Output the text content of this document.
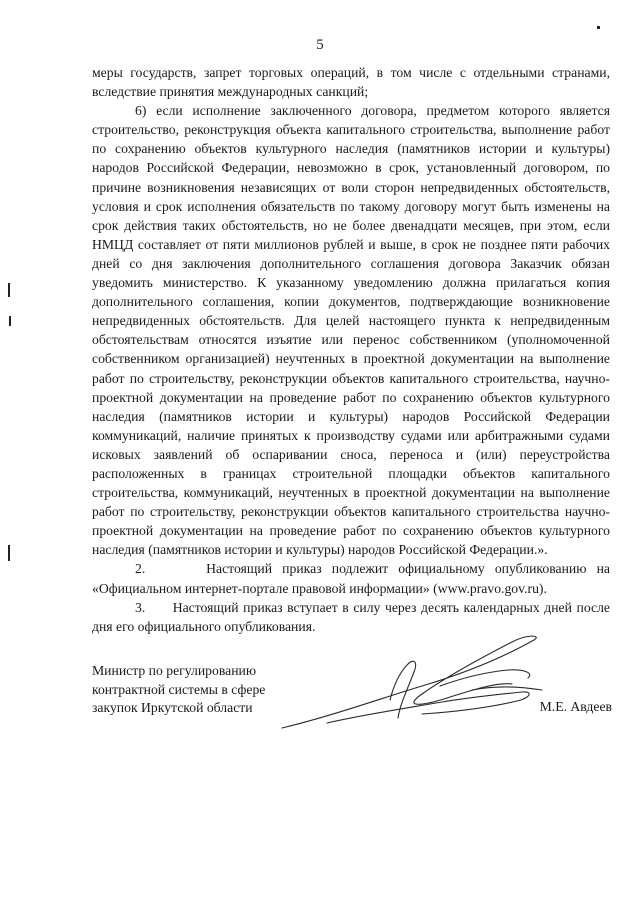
5

меры государств, запрет торговых операций, в том числе с отдельными странами, вследствие принятия международных санкций;

6) если исполнение заключенного договора, предметом которого является строительство, реконструкция объекта капитального строительства, выполнение работ по сохранению объектов культурного наследия (памятников истории и культуры) народов Российской Федерации, невозможно в срок, установленный договором, по причине возникновения независящих от воли сторон непредвиденных обстоятельств, условия и срок исполнения обязательств по такому договору могут быть изменены на срок действия таких обстоятельств, но не более двенадцати месяцев, при этом, если НМЦД составляет от пяти миллионов рублей и выше, в срок не позднее пяти рабочих дней со дня заключения дополнительного соглашения договора Заказчик обязан уведомить министерство. К указанному уведомлению должна прилагаться копия дополнительного соглашения, копии документов, подтверждающие возникновение непредвиденных обстоятельств. Для целей настоящего пункта к непредвиденным обстоятельствам относятся изъятие или перенос собственником (уполномоченной собственником организацией) неучтенных в проектной документации на выполнение работ по строительству, реконструкции объектов капитального строительства, научно-проектной документации на проведение работ по сохранению объектов культурного наследия (памятников истории и культуры) народов Российской Федерации коммуникаций, наличие принятых к производству судами или арбитражными судами исковых заявлений об оспаривании сноса, переноса и (или) переустройства расположенных в границах строительной площадки объектов капитального строительства, коммуникаций, неучтенных в проектной документации на выполнение работ по строительству, реконструкции объектов капитального строительства научно-проектной документации на проведение работ по сохранению объектов культурного наследия (памятников истории и культуры) народов Российской Федерации.».

2.      Настоящий приказ подлежит официальному опубликованию на «Официальном интернет-портале правовой информации» (www.pravo.gov.ru).

3.      Настоящий приказ вступает в силу через десять календарных дней после дня его официального опубликования.

Министр по регулированию
контрактной системы в сфере
закупок Иркутской области	М.Е. Авдеев
